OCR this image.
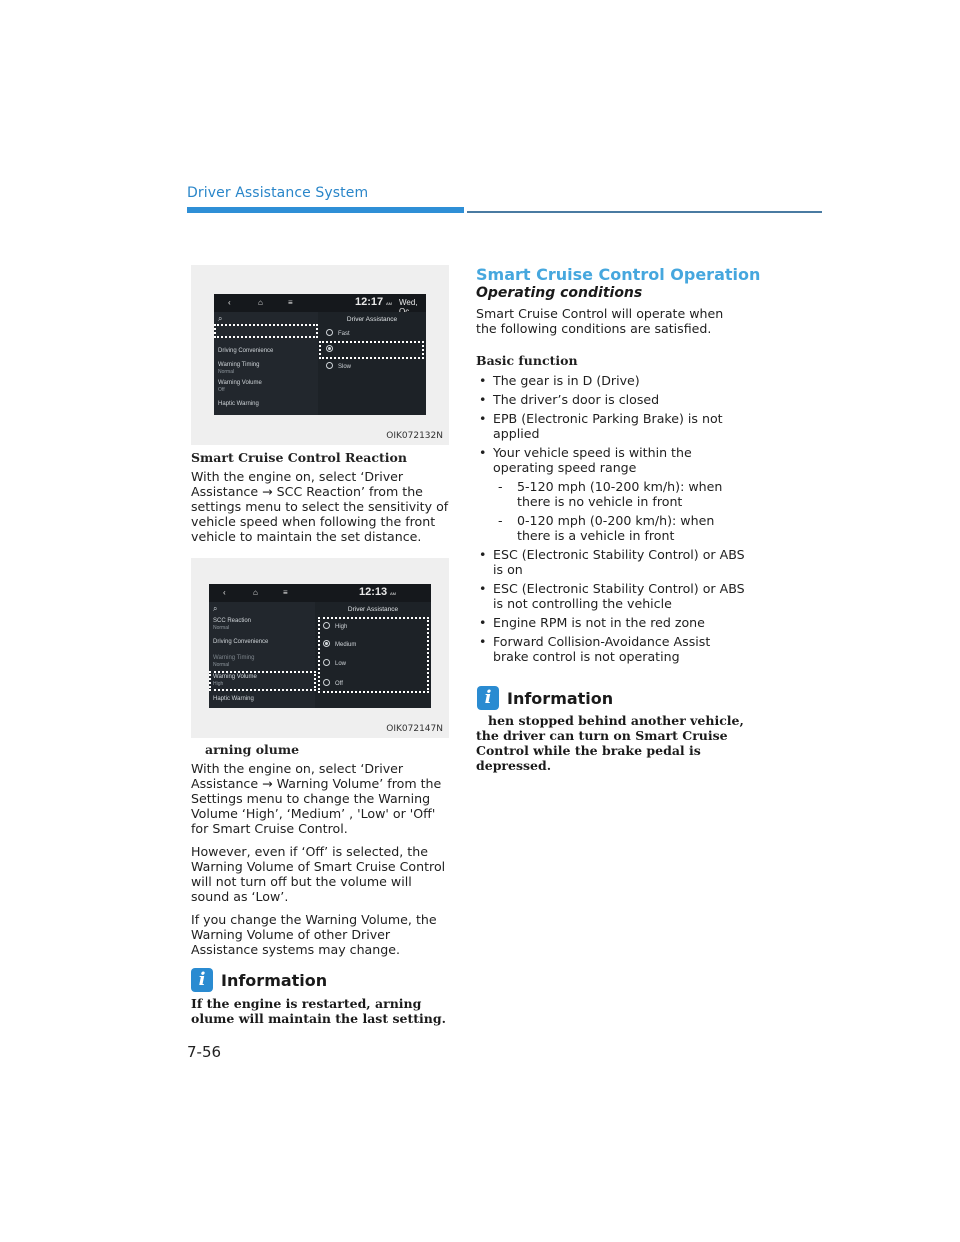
Driver Assistance System
‹	⌂	≡	12:17 AM Wed,
⌕
Driving Convenience
Warning Timing
Normal
Warning Volume
Off
Haptic Warning
Driver Assistance
Fast
Slow
OIK072132N
Smart Cruise Control Reaction

With the engine on, select ‘Driver Assistance → SCC Reaction’ from the settings menu to select the sensitivity of vehicle speed when following the front vehicle to maintain the set distance.

‹	⌂	≡	12:13 AM
⌕
SCC Reaction
Normal
Driving Convenience
Warning Timing
Normal
Warning Volume
High
Haptic Warning
Driver Assistance
High
Medium
Low
Off
OIK072147N
arning olume

With the engine on, select ‘Driver Assistance → Warning Volume’ from the Settings menu to change the Warning Volume ‘High’, ‘Medium’ , 'Low' or 'Off' for Smart Cruise Control.

However, even if ‘Off’ is selected, the Warning Volume of Smart Cruise Control will not turn off but the volume will sound as ‘Low’.

If you change the Warning Volume, the Warning Volume of other Driver Assistance systems may change.

i Information
If the engine is restarted, arning olume will maintain the last setting.
Smart Cruise Control Operation
Operating conditions
Smart Cruise Control will operate when the following conditions are satisfied.
Basic function
• The gear is in D (Drive)
• The driver’s door is closed
• EPB (Electronic Parking Brake) is not applied
• Your vehicle speed is within the operating speed range
- 5-120 mph (10-200 km/h): when there is no vehicle in front
- 0-120 mph (0-200 km/h): when there is a vehicle in front
• ESC (Electronic Stability Control) or ABS is on
• ESC (Electronic Stability Control) or ABS is not controlling the vehicle
• Engine RPM is not in the red zone
• Forward Collision-Avoidance Assist brake control is not operating
i Information
hen stopped behind another vehicle, the driver can turn on Smart Cruise Control while the brake pedal is depressed.
7-56
